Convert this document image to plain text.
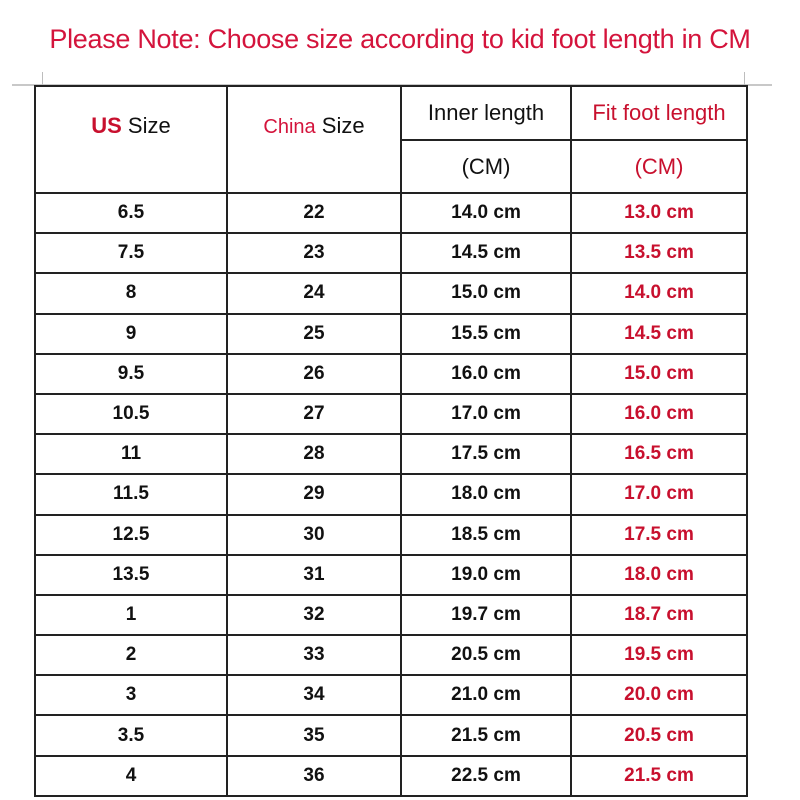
Please Note: Choose size according to kid foot length in CM
US Size	China Size	Inner length	Fit foot length
		(CM)	(CM)
6.5	22	14.0 cm	13.0 cm
7.5	23	14.5 cm	13.5 cm
8	24	15.0 cm	14.0 cm
9	25	15.5 cm	14.5 cm
9.5	26	16.0 cm	15.0 cm
10.5	27	17.0 cm	16.0 cm
11	28	17.5 cm	16.5 cm
11.5	29	18.0 cm	17.0 cm
12.5	30	18.5 cm	17.5 cm
13.5	31	19.0 cm	18.0 cm
1	32	19.7 cm	18.7 cm
2	33	20.5 cm	19.5 cm
3	34	21.0 cm	20.0 cm
3.5	35	21.5 cm	20.5 cm
4	36	22.5 cm	21.5 cm
